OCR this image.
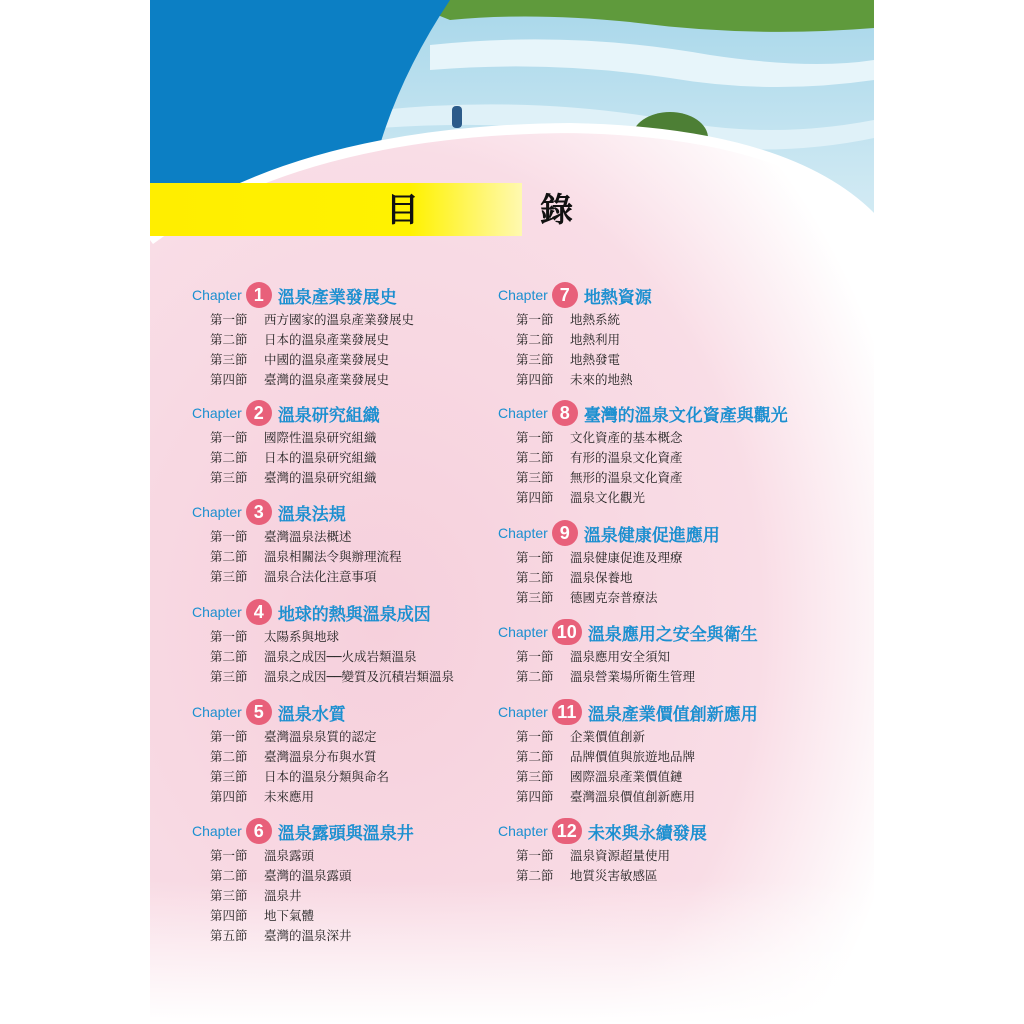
目　錄
Chapter 1 溫泉產業發展史
第一節	西方國家的溫泉產業發展史
第二節	日本的溫泉產業發展史
第三節	中國的溫泉產業發展史
第四節	臺灣的溫泉產業發展史
Chapter 2 溫泉研究組織
第一節	國際性溫泉研究組織
第二節	日本的溫泉研究組織
第三節	臺灣的溫泉研究組織
Chapter 3 溫泉法規
第一節	臺灣溫泉法概述
第二節	溫泉相關法令與辦理流程
第三節	溫泉合法化注意事項
Chapter 4 地球的熱與溫泉成因
第一節	太陽系與地球
第二節	溫泉之成因──火成岩類溫泉
第三節	溫泉之成因──變質及沉積岩類溫泉
Chapter 5 溫泉水質
第一節	臺灣溫泉泉質的認定
第二節	臺灣溫泉分布與水質
第三節	日本的溫泉分類與命名
第四節	未來應用
Chapter 6 溫泉露頭與溫泉井
第一節	溫泉露頭
第二節	臺灣的溫泉露頭
第三節	溫泉井
第四節	地下氣體
第五節	臺灣的溫泉深井
Chapter 7 地熱資源
第一節	地熱系統
第二節	地熱利用
第三節	地熱發電
第四節	未來的地熱
Chapter 8 臺灣的溫泉文化資產與觀光
第一節	文化資產的基本概念
第二節	有形的溫泉文化資產
第三節	無形的溫泉文化資產
第四節	溫泉文化觀光
Chapter 9 溫泉健康促進應用
第一節	溫泉健康促進及理療
第二節	溫泉保養地
第三節	德國克奈普療法
Chapter 10 溫泉應用之安全與衛生
第一節	溫泉應用安全須知
第二節	溫泉營業場所衛生管理
Chapter 11 溫泉產業價值創新應用
第一節	企業價值創新
第二節	品牌價值與旅遊地品牌
第三節	國際溫泉產業價值鏈
第四節	臺灣溫泉價值創新應用
Chapter 12 未來與永續發展
第一節	溫泉資源超量使用
第二節	地質災害敏感區
